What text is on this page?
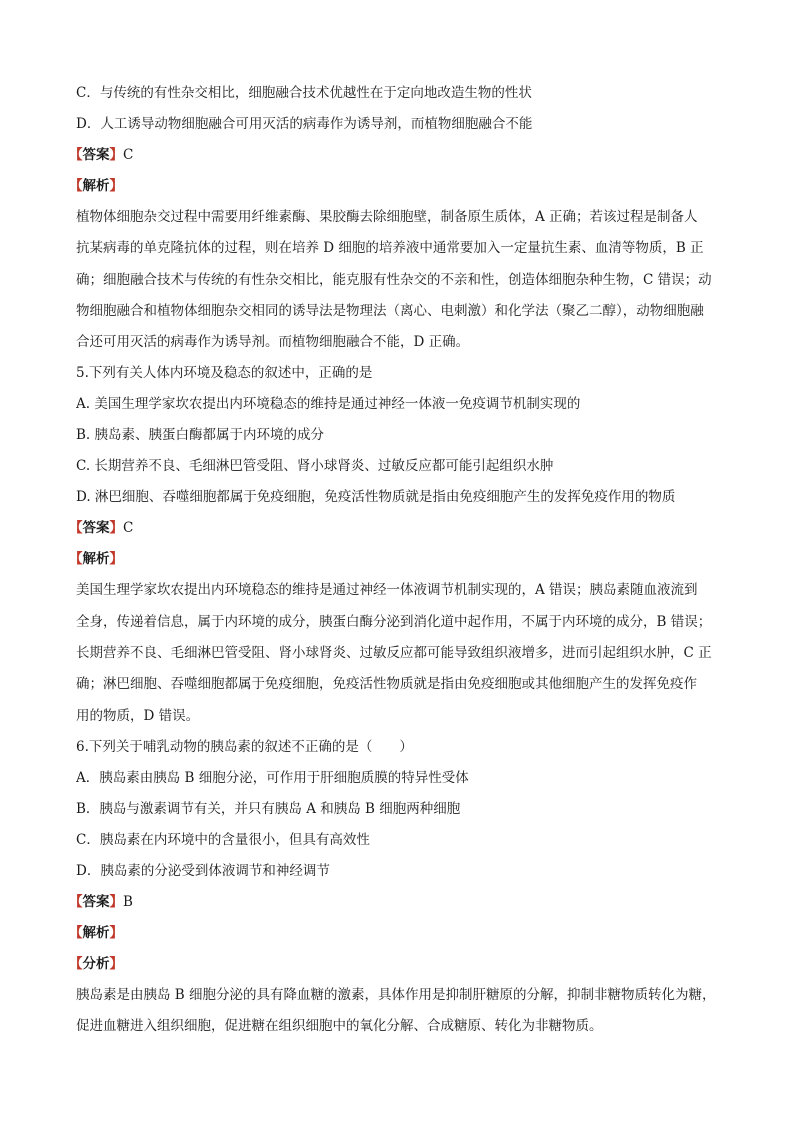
C．与传统的有性杂交相比，细胞融合技术优越性在于定向地改造生物的性状
D．人工诱导动物细胞融合可用灭活的病毒作为诱导剂，而植物细胞融合不能
【答案】C
【解析】
植物体细胞杂交过程中需要用纤维素酶、果胶酶去除细胞壁，制备原生质体，A 正确；若该过程是制备人
抗某病毒的单克隆抗体的过程，则在培养 D 细胞的培养液中通常要加入一定量抗生素、血清等物质，B 正
确；细胞融合技术与传统的有性杂交相比，能克服有性杂交的不亲和性，创造体细胞杂种生物，C 错误；动
物细胞融合和植物体细胞杂交相同的诱导法是物理法（离心、电刺激）和化学法（聚乙二醇），动物细胞融
合还可用灭活的病毒作为诱导剂。而植物细胞融合不能，D 正确。
5.下列有关人体内环境及稳态的叙述中，正确的是
A. 美国生理学家坎农提出内环境稳态的维持是通过神经一体液一免疫调节机制实现的
B. 胰岛素、胰蛋白酶都属于内环境的成分
C. 长期营养不良、毛细淋巴管受阻、肾小球肾炎、过敏反应都可能引起组织水肿
D. 淋巴细胞、吞噬细胞都属于免疫细胞，免疫活性物质就是指由免疫细胞产生的发挥免疫作用的物质
【答案】C
【解析】
美国生理学家坎农提出内环境稳态的维持是通过神经一体液调节机制实现的，A 错误；胰岛素随血液流到
全身，传递着信息，属于内环境的成分，胰蛋白酶分泌到消化道中起作用，不属于内环境的成分，B 错误；
长期营养不良、毛细淋巴管受阻、肾小球肾炎、过敏反应都可能导致组织液增多，进而引起组织水肿，C 正
确；淋巴细胞、吞噬细胞都属于免疫细胞，免疫活性物质就是指由免疫细胞或其他细胞产生的发挥免疫作
用的物质，D 错误。
6.下列关于哺乳动物的胰岛素的叙述不正确的是（　　）
A．胰岛素由胰岛 B 细胞分泌，可作用于肝细胞质膜的特异性受体
B．胰岛与激素调节有关，并只有胰岛 A 和胰岛 B 细胞两种细胞
C．胰岛素在内环境中的含量很小，但具有高效性
D．胰岛素的分泌受到体液调节和神经调节
【答案】B
【解析】
【分析】
胰岛素是由胰岛 B 细胞分泌的具有降血糖的激素，具体作用是抑制肝糖原的分解，抑制非糖物质转化为糖，
促进血糖进入组织细胞，促进糖在组织细胞中的氧化分解、合成糖原、转化为非糖物质。
